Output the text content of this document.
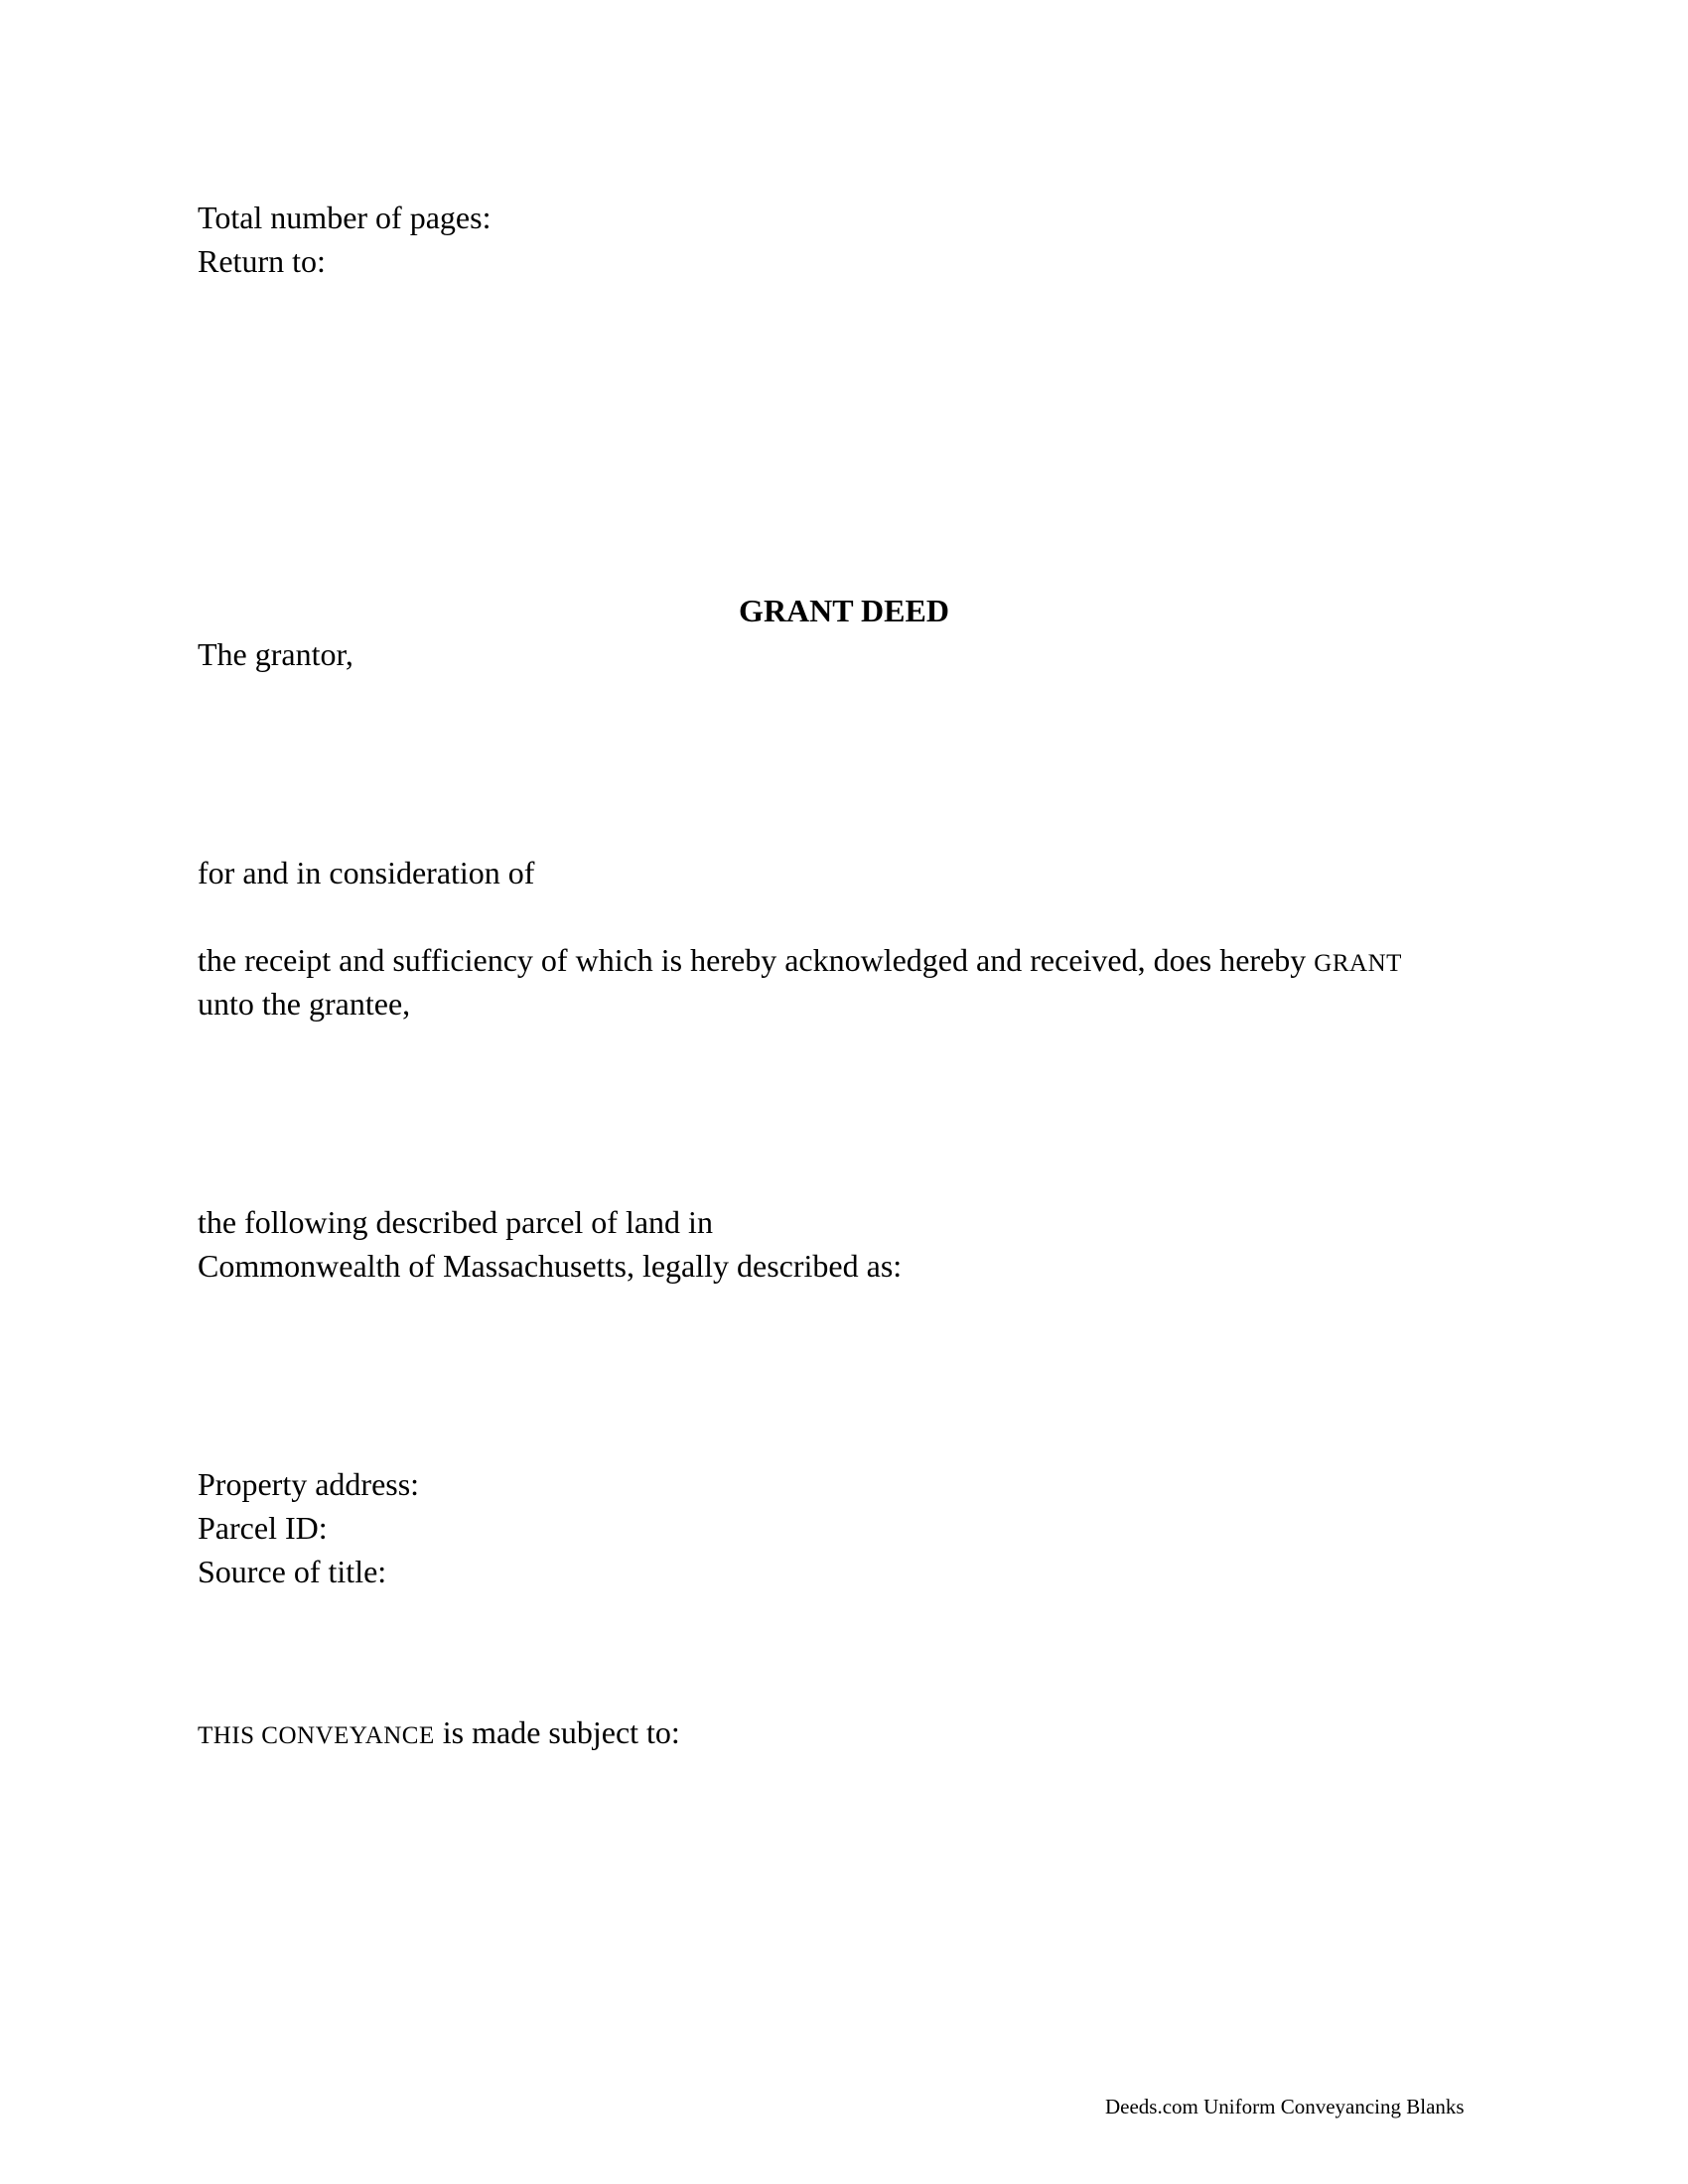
Total number of pages:
Return to:
GRANT DEED
The grantor,
for and in consideration of
the receipt and sufficiency of which is hereby acknowledged and received, does hereby GRANT
unto the grantee,
the following described parcel of land in
Commonwealth of Massachusetts, legally described as:
Property address:
Parcel ID:
Source of title:
THIS CONVEYANCE is made subject to:
Deeds.com Uniform Conveyancing Blanks
